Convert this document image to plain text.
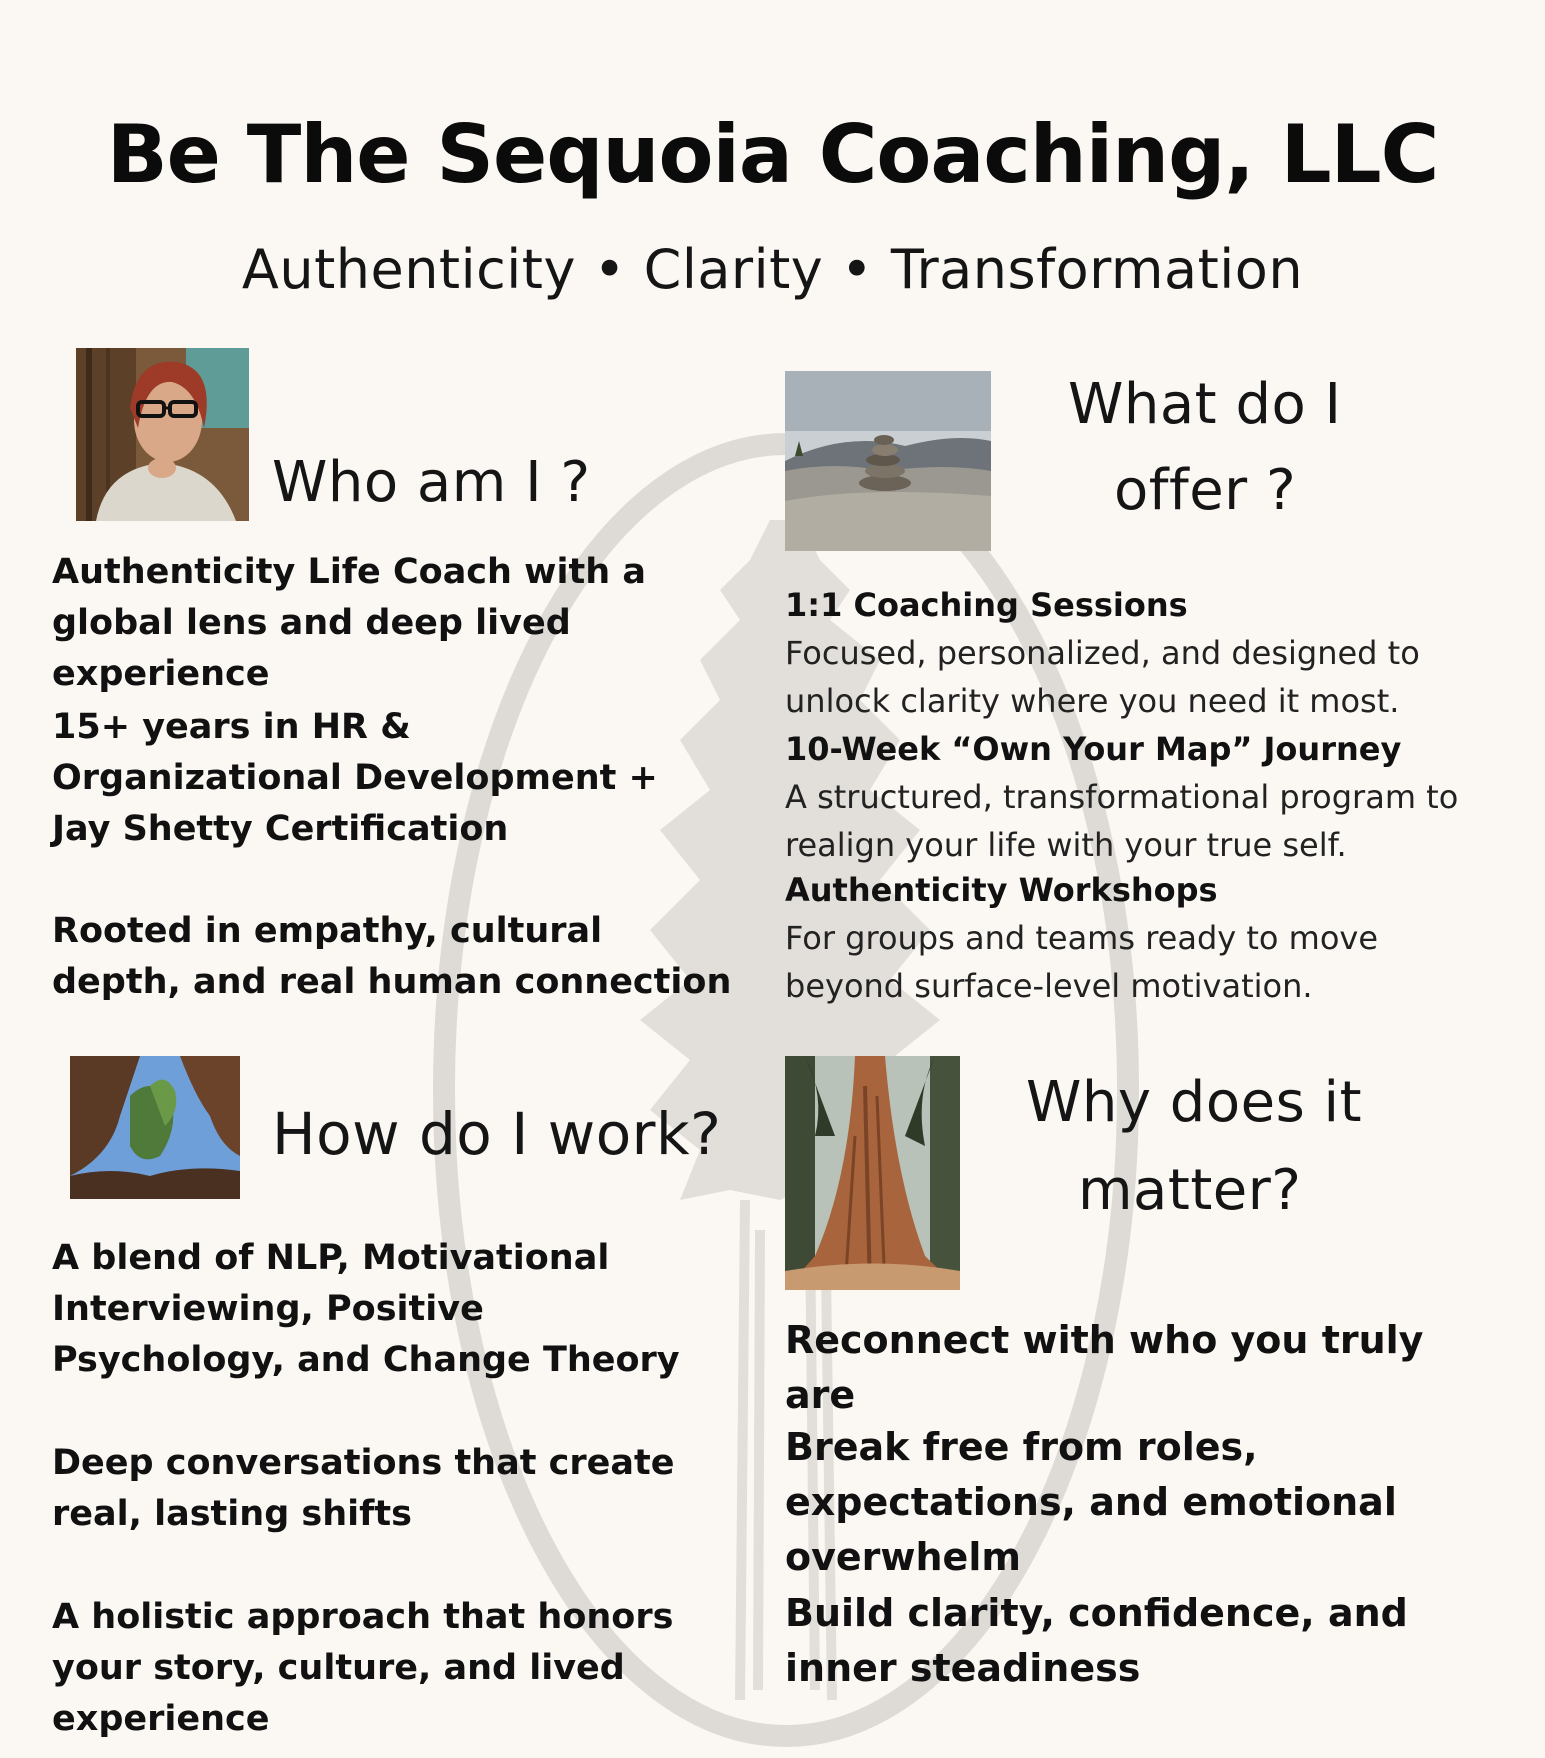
Be The Sequoia Coaching, LLC
Authenticity • Clarity • Transformation
Who am I ?
What do I
offer ?
Authenticity Life Coach with a global lens and deep lived experience
15+ years in HR & Organizational Development + Jay Shetty Certification
Rooted in empathy, cultural depth, and real human connection
1:1 Coaching Sessions
Focused, personalized, and designed to unlock clarity where you need it most.
10-Week “Own Your Map” Journey
A structured, transformational program to realign your life with your true self.
Authenticity Workshops
For groups and teams ready to move beyond surface-level motivation.
How do I work?	Why does it
matter?
A blend of NLP, Motivational Interviewing, Positive Psychology, and Change Theory
Deep conversations that create real, lasting shifts
A holistic approach that honors your story, culture, and lived experience
Reconnect with who you truly are
Break free from roles, expectations, and emotional overwhelm
Build clarity, confidence, and inner steadiness
